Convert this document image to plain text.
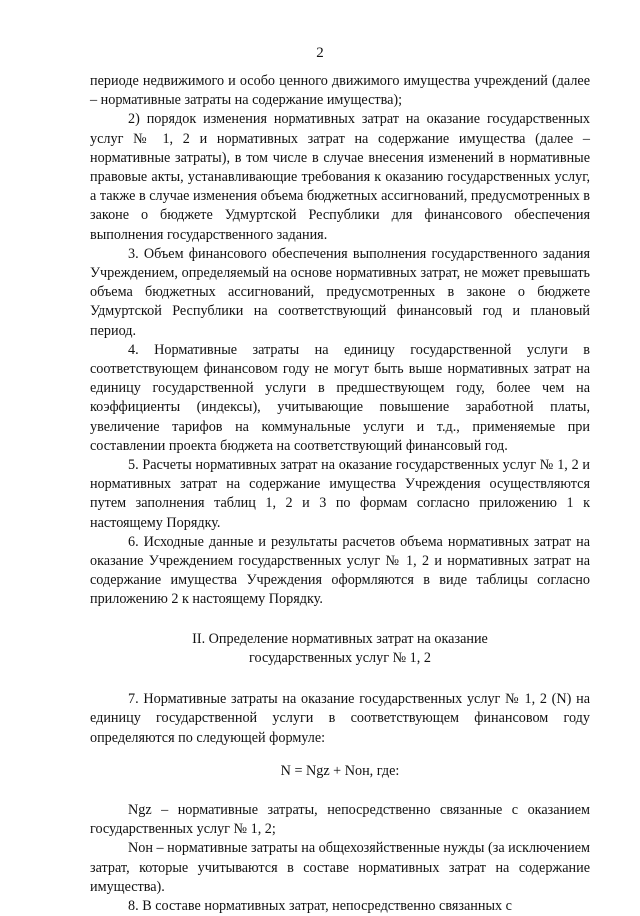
2

периоде недвижимого и особо ценного движимого имущества учреждений (далее – нормативные затраты на содержание имущества);

2) порядок изменения нормативных затрат на оказание государственных услуг № 1, 2 и нормативных затрат на содержание имущества (далее – нормативные затраты), в том числе в случае внесения изменений в нормативные правовые акты, устанавливающие требования к оказанию государственных услуг, а также в случае изменения объема бюджетных ассигнований, предусмотренных в законе о бюджете Удмуртской Республики для финансового обеспечения выполнения государственного задания.

3. Объем финансового обеспечения выполнения государственного задания Учреждением, определяемый на основе нормативных затрат, не может превышать объема бюджетных ассигнований, предусмотренных в законе о бюджете Удмуртской Республики на соответствующий финансовый год и плановый период.

4. Нормативные затраты на единицу государственной услуги в соответствующем финансовом году не могут быть выше нормативных затрат на единицу государственной услуги в предшествующем году, более чем на коэффициенты (индексы), учитывающие повышение заработной платы, увеличение тарифов на коммунальные услуги и т.д., применяемые при составлении проекта бюджета на соответствующий финансовый год.

5. Расчеты нормативных затрат на оказание государственных услуг № 1, 2 и нормативных затрат на содержание имущества Учреждения осуществляются путем заполнения таблиц 1, 2 и 3 по формам согласно приложению 1 к настоящему Порядку.

6. Исходные данные и результаты расчетов объема нормативных затрат на оказание Учреждением государственных услуг № 1, 2 и нормативных затрат на содержание имущества Учреждения оформляются в виде таблицы согласно приложению 2 к настоящему Порядку.

II. Определение нормативных затрат на оказание
государственных услуг № 1, 2

7. Нормативные затраты на оказание государственных услуг № 1, 2 (N) на единицу государственной услуги в соответствующем финансовом году определяются по следующей формуле:

N = Ngz + Nон, где:

Ngz – нормативные затраты, непосредственно связанные с оказанием государственных услуг № 1, 2;

Nон – нормативные затраты на общехозяйственные нужды (за исключением затрат, которые учитываются в составе нормативных затрат на содержание имущества).

8. В составе нормативных затрат, непосредственно связанных с
